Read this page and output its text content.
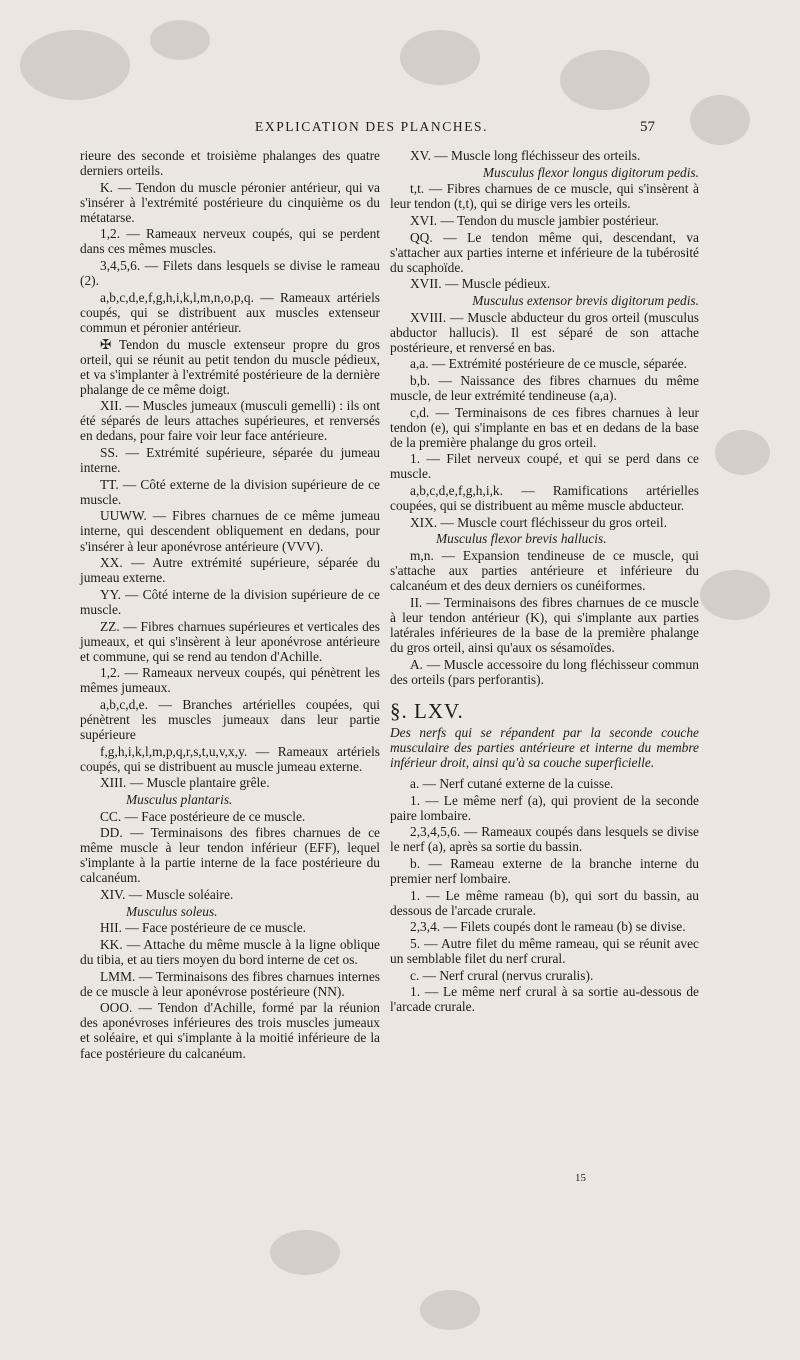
EXPLICATION DES PLANCHES.	57

rieure des seconde et troisième phalanges des quatre derniers orteils.

K. — Tendon du muscle péronier antérieur, qui va s'insérer à l'extrémité postérieure du cinquième os du métatarse.

1,2. — Rameaux nerveux coupés, qui se perdent dans ces mêmes muscles.

3,4,5,6. — Filets dans lesquels se divise le rameau (2).

a,b,c,d,e,f,g,h,i,k,l,m,n,o,p,q. — Rameaux artériels coupés, qui se distribuent aux muscles extenseur commun et péronier antérieur.

✠ Tendon du muscle extenseur propre du gros orteil, qui se réunit au petit tendon du muscle pédieux, et va s'implanter à l'extrémité postérieure de la dernière phalange de ce même doigt.

XII. — Muscles jumeaux (musculi gemelli) : ils ont été séparés de leurs attaches supérieures, et renversés en dedans, pour faire voir leur face antérieure.

SS. — Extrémité supérieure, séparée du jumeau interne.

TT. — Côté externe de la division supérieure de ce muscle.

UUWW. — Fibres charnues de ce même jumeau interne, qui descendent obliquement en dedans, pour s'insérer à leur aponévrose antérieure (VVV).

XX. — Autre extrémité supérieure, séparée du jumeau externe.

YY. — Côté interne de la division supérieure de ce muscle.

ZZ. — Fibres charnues supérieures et verticales des jumeaux, et qui s'insèrent à leur aponévrose antérieure et commune, qui se rend au tendon d'Achille.

1,2. — Rameaux nerveux coupés, qui pénètrent les mêmes jumeaux.

a,b,c,d,e. — Branches artérielles coupées, qui pénètrent les muscles jumeaux dans leur partie supérieure

f,g,h,i,k,l,m,p,q,r,s,t,u,v,x,y. — Rameaux artériels coupés, qui se distribuent au muscle jumeau externe.

XIII. — Muscle plantaire grêle.

Musculus plantaris.

CC. — Face postérieure de ce muscle.

DD. — Terminaisons des fibres charnues de ce même muscle à leur tendon inférieur (EFF), lequel s'implante à la partie interne de la face postérieure du calcanéum.

XIV. — Muscle soléaire.

Musculus soleus.

HII. — Face postérieure de ce muscle.

KK. — Attache du même muscle à la ligne oblique du tibia, et au tiers moyen du bord interne de cet os.

LMM. — Terminaisons des fibres charnues internes de ce muscle à leur aponévrose postérieure (NN).

OOO. — Tendon d'Achille, formé par la réunion des aponévroses inférieures des trois muscles jumeaux et soléaire, et qui s'implante à la moitié inférieure de la face postérieure du calcanéum.

XV. — Muscle long fléchisseur des orteils.

Musculus flexor longus digitorum pedis.

t,t. — Fibres charnues de ce muscle, qui s'insèrent à leur tendon (t,t), qui se dirige vers les orteils.

XVI. — Tendon du muscle jambier postérieur.

QQ. — Le tendon même qui, descendant, va s'attacher aux parties interne et inférieure de la tubérosité du scaphoïde.

XVII. — Muscle pédieux.

Musculus extensor brevis digitorum pedis.

XVIII. — Muscle abducteur du gros orteil (musculus abductor hallucis). Il est séparé de son attache postérieure, et renversé en bas.

a,a. — Extrémité postérieure de ce muscle, séparée.

b,b. — Naissance des fibres charnues du même muscle, de leur extrémité tendineuse (a,a).

c,d. — Terminaisons de ces fibres charnues à leur tendon (e), qui s'implante en bas et en dedans de la base de la première phalange du gros orteil.

1. — Filet nerveux coupé, et qui se perd dans ce muscle.

a,b,c,d,e,f,g,h,i,k. — Ramifications artérielles coupées, qui se distribuent au même muscle abducteur.

XIX. — Muscle court fléchisseur du gros orteil.

Musculus flexor brevis hallucis.

m,n. — Expansion tendineuse de ce muscle, qui s'attache aux parties antérieure et inférieure du calcanéum et des deux derniers os cunéiformes.

II. — Terminaisons des fibres charnues de ce muscle à leur tendon antérieur (K), qui s'implante aux parties latérales inférieures de la base de la première phalange du gros orteil, ainsi qu'aux os sésamoïdes.

A. — Muscle accessoire du long fléchisseur commun des orteils (pars perforantis).

§. LXV.

Des nerfs qui se répandent par la seconde couche musculaire des parties antérieure et interne du membre inférieur droit, ainsi qu'à sa couche superficielle.

a. — Nerf cutané externe de la cuisse.

1. — Le même nerf (a), qui provient de la seconde paire lombaire.

2,3,4,5,6. — Rameaux coupés dans lesquels se divise le nerf (a), après sa sortie du bassin.

b. — Rameau externe de la branche interne du premier nerf lombaire.

1. — Le même rameau (b), qui sort du bassin, au dessous de l'arcade crurale.

2,3,4. — Filets coupés dont le rameau (b) se divise.

5. — Autre filet du même rameau, qui se réunit avec un semblable filet du nerf crural.

c. — Nerf crural (nervus cruralis).

1. — Le même nerf crural à sa sortie au-dessous de l'arcade crurale.

15
